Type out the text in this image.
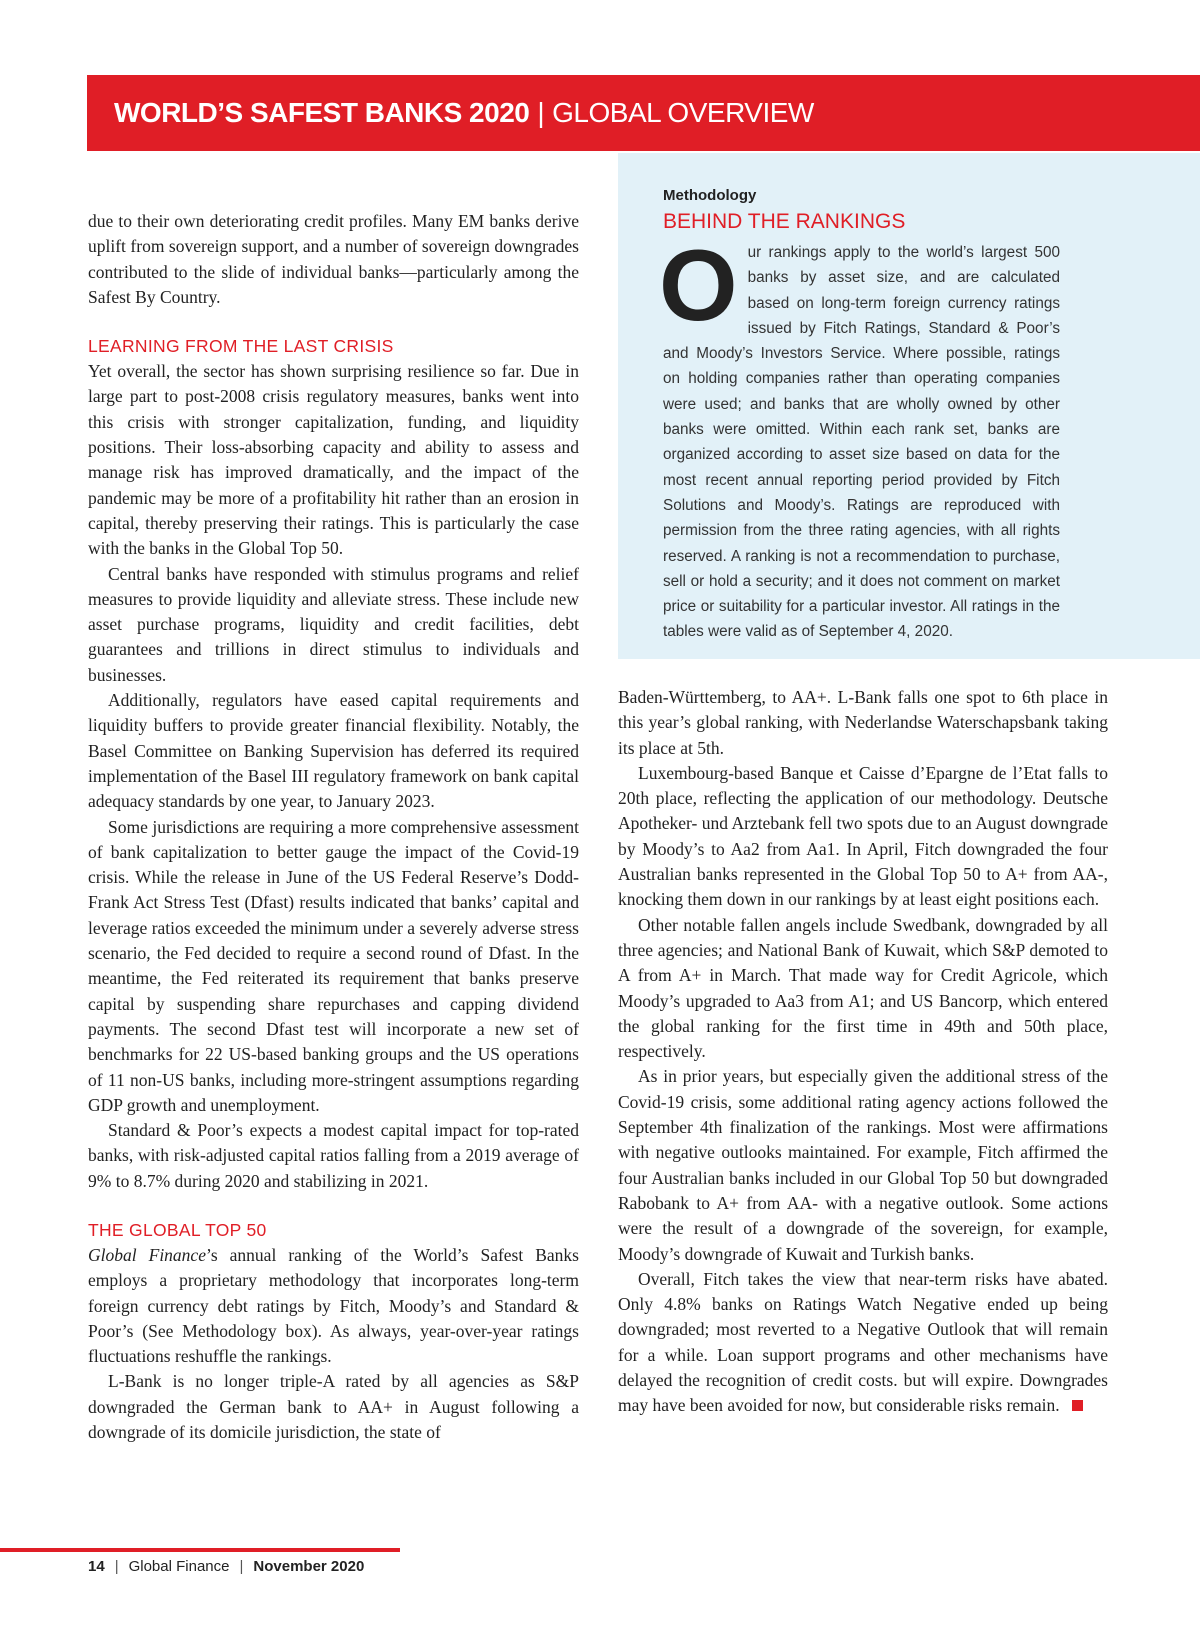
WORLD’S SAFEST BANKS 2020 | GLOBAL OVERVIEW

Methodology

BEHIND THE RANKINGS

Our rankings apply to the world’s largest 500 banks by asset size, and are calculated based on long-term foreign currency ratings issued by Fitch Ratings, Standard & Poor’s and Moody’s Investors Service. Where possible, ratings on holding companies rather than operating companies were used; and banks that are wholly owned by other banks were omitted. Within each rank set, banks are organized according to asset size based on data for the most recent annual reporting period provided by Fitch Solutions and Moody’s. Ratings are reproduced with permission from the three rating agencies, with all rights reserved. A ranking is not a recommendation to purchase, sell or hold a security; and it does not comment on market price or suitability for a particular investor. All ratings in the tables were valid as of September 4, 2020.

due to their own deteriorating credit profiles. Many EM banks derive uplift from sovereign support, and a number of sovereign downgrades contributed to the slide of individual banks—particularly among the Safest By Country.

LEARNING FROM THE LAST CRISIS

Yet overall, the sector has shown surprising resilience so far. Due in large part to post-2008 crisis regulatory measures, banks went into this crisis with stronger capitalization, funding, and liquidity positions. Their loss-absorbing capacity and ability to assess and manage risk has improved dramatically, and the impact of the pandemic may be more of a profitability hit rather than an erosion in capital, thereby preserving their ratings. This is particularly the case with the banks in the Global Top 50.

Central banks have responded with stimulus programs and relief measures to provide liquidity and alleviate stress. These include new asset purchase programs, liquidity and credit facilities, debt guarantees and trillions in direct stimulus to individuals and businesses.

Additionally, regulators have eased capital requirements and liquidity buffers to provide greater financial flexibility. Notably, the Basel Committee on Banking Supervision has deferred its required implementation of the Basel III regulatory framework on bank capital adequacy standards by one year, to January 2023.

Some jurisdictions are requiring a more comprehensive assessment of bank capitalization to better gauge the impact of the Covid-19 crisis. While the release in June of the US Federal Reserve’s Dodd-Frank Act Stress Test (Dfast) results indicated that banks’ capital and leverage ratios exceeded the minimum under a severely adverse stress scenario, the Fed decided to require a second round of Dfast. In the meantime, the Fed reiterated its requirement that banks preserve capital by suspending share repurchases and capping dividend payments. The second Dfast test will incorporate a new set of benchmarks for 22 US-based banking groups and the US operations of 11 non-US banks, including more-stringent assumptions regarding GDP growth and unemployment.

Standard & Poor’s expects a modest capital impact for top-rated banks, with risk-adjusted capital ratios falling from a 2019 average of 9% to 8.7% during 2020 and stabilizing in 2021.

THE GLOBAL TOP 50

Global Finance’s annual ranking of the World’s Safest Banks employs a proprietary methodology that incorporates long-term foreign currency debt ratings by Fitch, Moody’s and Standard & Poor’s (See Methodology box). As always, year-over-year ratings fluctuations reshuffle the rankings.

L-Bank is no longer triple-A rated by all agencies as S&P downgraded the German bank to AA+ in August following a downgrade of its domicile jurisdiction, the state of

Baden-Württemberg, to AA+. L-Bank falls one spot to 6th place in this year’s global ranking, with Nederlandse Waterschapsbank taking its place at 5th.

Luxembourg-based Banque et Caisse d’Epargne de l’Etat falls to 20th place, reflecting the application of our methodology. Deutsche Apotheker- und Arztebank fell two spots due to an August downgrade by Moody’s to Aa2 from Aa1. In April, Fitch downgraded the four Australian banks represented in the Global Top 50 to A+ from AA-, knocking them down in our rankings by at least eight positions each.

Other notable fallen angels include Swedbank, downgraded by all three agencies; and National Bank of Kuwait, which S&P demoted to A from A+ in March. That made way for Credit Agricole, which Moody’s upgraded to Aa3 from A1; and US Bancorp, which entered the global ranking for the first time in 49th and 50th place, respectively.

As in prior years, but especially given the additional stress of the Covid-19 crisis, some additional rating agency actions followed the September 4th finalization of the rankings. Most were affirmations with negative outlooks maintained. For example, Fitch affirmed the four Australian banks included in our Global Top 50 but downgraded Rabobank to A+ from AA- with a negative outlook. Some actions were the result of a downgrade of the sovereign, for example, Moody’s downgrade of Kuwait and Turkish banks.

Overall, Fitch takes the view that near-term risks have abated. Only 4.8% banks on Ratings Watch Negative ended up being downgraded; most reverted to a Negative Outlook that will remain for a while. Loan support programs and other mechanisms have delayed the recognition of credit costs. but will expire. Downgrades may have been avoided for now, but considerable risks remain.

14 | Global Finance | November 2020
